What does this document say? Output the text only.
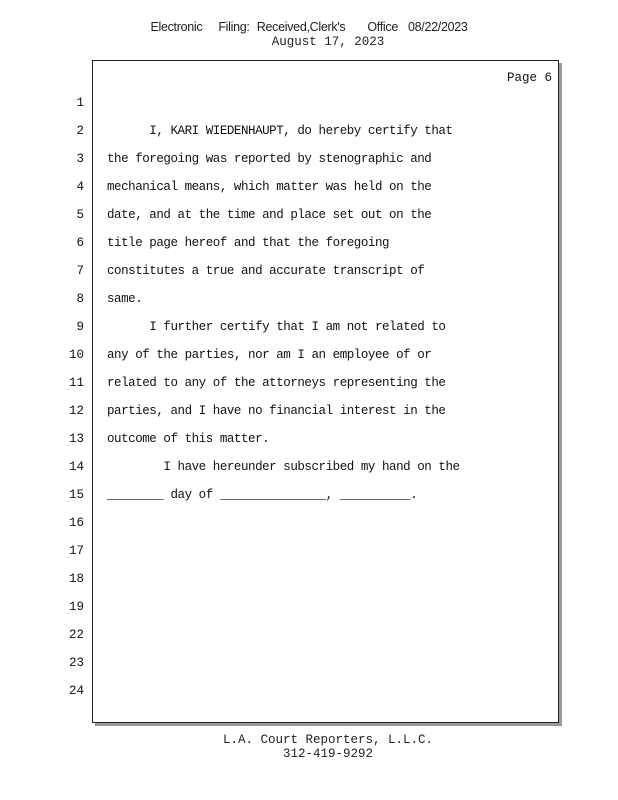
Electronic Filing: Received,Clerk's Office 08/22/2023
August 17, 2023
Page 6
1
2 I, KARI WIEDENHAUPT, do hereby certify that
3 the foregoing was reported by stenographic and
4 mechanical means, which matter was held on the
5 date, and at the time and place set out on the
6 title page hereof and that the foregoing
7 constitutes a true and accurate transcript of
8 same.
9 I further certify that I am not related to
10 any of the parties, nor am I an employee of or
11 related to any of the attorneys representing the
12 parties, and I have no financial interest in the
13 outcome of this matter.
14 I have hereunder subscribed my hand on the
15 ________ day of _______________, __________.
16
17
18
19
22
23
24
L.A. Court Reporters, L.L.C.
312-419-9292
